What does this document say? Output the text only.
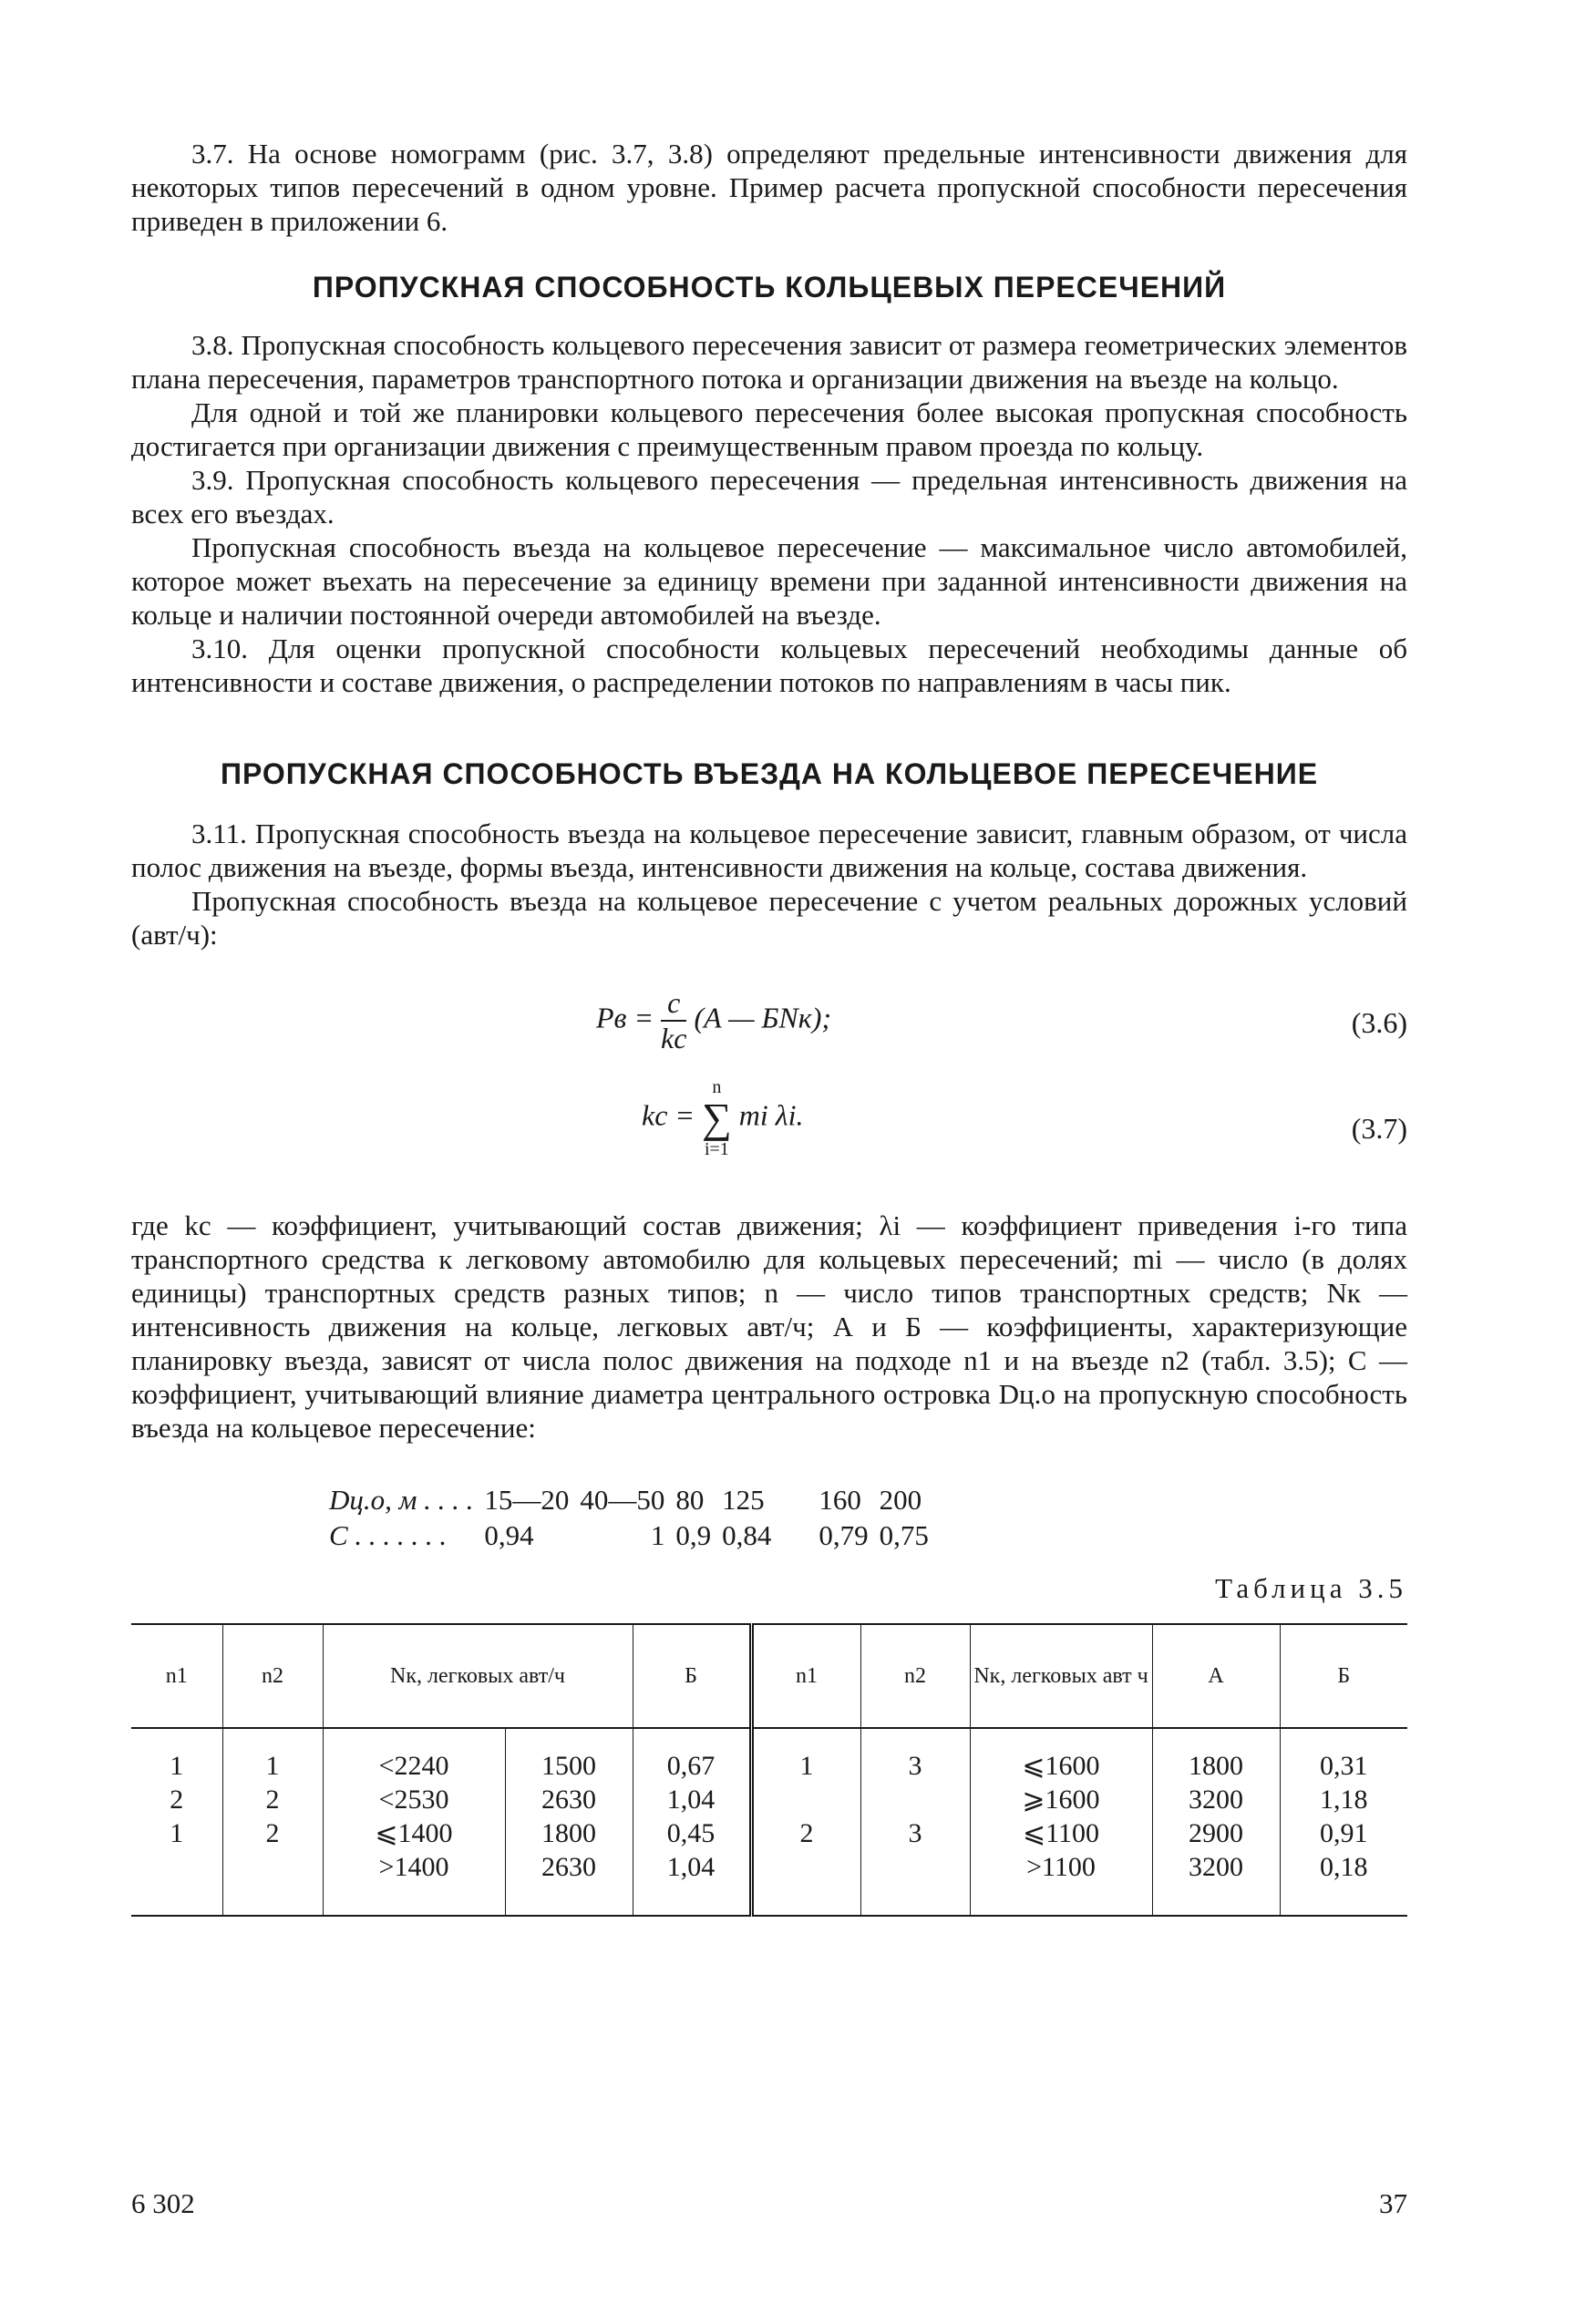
3.7. На основе номограмм (рис. 3.7, 3.8) определяют предельные интенсивности движения для некоторых типов пересечений в одном уровне. Пример расчета пропускной способности пересечения приведен в приложении 6.

ПРОПУСКНАЯ СПОСОБНОСТЬ КОЛЬЦЕВЫХ ПЕРЕСЕЧЕНИЙ

3.8. Пропускная способность кольцевого пересечения зависит от размера геометрических элементов плана пересечения, параметров транспортного потока и организации движения на въезде на кольцо.

Для одной и той же планировки кольцевого пересечения более высокая пропускная способность достигается при организации движения с преимущественным правом проезда по кольцу.

3.9. Пропускная способность кольцевого пересечения — предельная интенсивность движения на всех его въездах.

Пропускная способность въезда на кольцевое пересечение — максимальное число автомобилей, которое может въехать на пересечение за единицу времени при заданной интенсивности движения на кольце и наличии постоянной очереди автомобилей на въезде.

3.10. Для оценки пропускной способности кольцевых пересечений необходимы данные об интенсивности и составе движения, о распределении потоков по направлениям в часы пик.

ПРОПУСКНАЯ СПОСОБНОСТЬ ВЪЕЗДА НА КОЛЬЦЕВОЕ ПЕРЕСЕЧЕНИЕ

3.11. Пропускная способность въезда на кольцевое пересечение зависит, главным образом, от числа полос движения на въезде, формы въезда, интенсивности движения на кольце, состава движения.

Пропускная способность въезда на кольцевое пересечение с учетом реальных дорожных условий (авт/ч):

Pв = $\frac{c}{kс} (A$ — БNк);	(3.6)
kс =
n
∑
i=1
mi λi.	(3.7)

где kс — коэффициент, учитывающий состав движения; λi — коэффициент приведения i-го типа транспортного средства к легковому автомобилю для кольцевых пересечений; mi — число (в долях единицы) транспортных средств разных типов; n — число типов транспортных средств; Nк — интенсивность движения на кольце, легковых авт/ч; А и Б — коэффициенты, характеризующие планировку въезда, зависят от числа полос движения на подходе n1 и на въезде n2 (табл. 3.5); С — коэффициент, учитывающий влияние диаметра центрального островка Dц.о на пропускную способность въезда на кольцевое пересечение:

Dц.о, м . . . .	15—20	40—50	80	125	160	200
С . . . . . . .	0,94	1	0,9	0,84	0,79	0,75
Таблица 3.5
n1	n2	Nк, легковых авт/ч		Б	n1	n2	Nк, легковых авт ч	А	Б

1	1	<2240	1500	0,67	1	3	⩽1600	1800	0,31
2	2	<2530	2630	1,04			⩾1600	3200	1,18
1	2	⩽1400	1800	0,45	2	3	⩽1100	2900	0,91
		>1400	2630	1,04			>1100	3200	0,18

6 302	37
